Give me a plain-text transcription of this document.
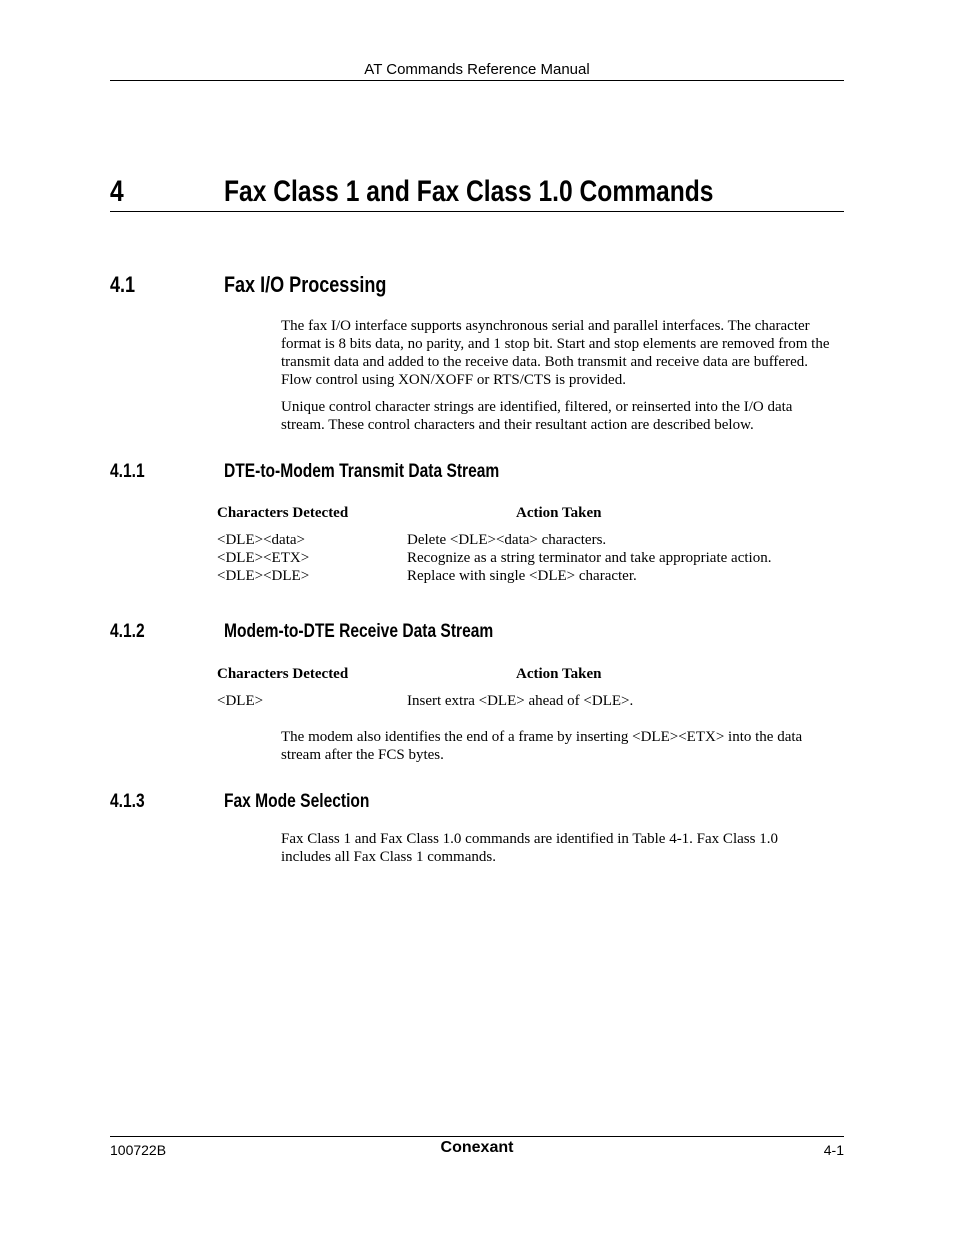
AT Commands Reference Manual
4	Fax Class 1 and Fax Class 1.0 Commands
4.1	Fax I/O Processing

The fax I/O interface supports asynchronous serial and parallel interfaces. The character format is 8 bits data, no parity, and 1 stop bit. Start and stop elements are removed from the transmit data and added to the receive data. Both transmit and receive data are buffered. Flow control using XON/XOFF or RTS/CTS is provided.

Unique control character strings are identified, filtered, or reinserted into the I/O data stream. These control characters and their resultant action are described below.

4.1.1	DTE-to-Modem Transmit Data Stream
Characters Detected	Action Taken
<DLE><data>	Delete <DLE><data> characters.
<DLE><ETX>	Recognize as a string terminator and take appropriate action.
<DLE><DLE>	Replace with single <DLE> character.
4.1.2	Modem-to-DTE Receive Data Stream
Characters Detected	Action Taken
<DLE>	Insert extra <DLE> ahead of <DLE>.

The modem also identifies the end of a frame by inserting <DLE><ETX> into the data stream after the FCS bytes.

4.1.3	Fax Mode Selection

Fax Class 1 and Fax Class 1.0 commands are identified in Table 4-1. Fax Class 1.0 includes all Fax Class 1 commands.

100722B	Conexant	4-1
